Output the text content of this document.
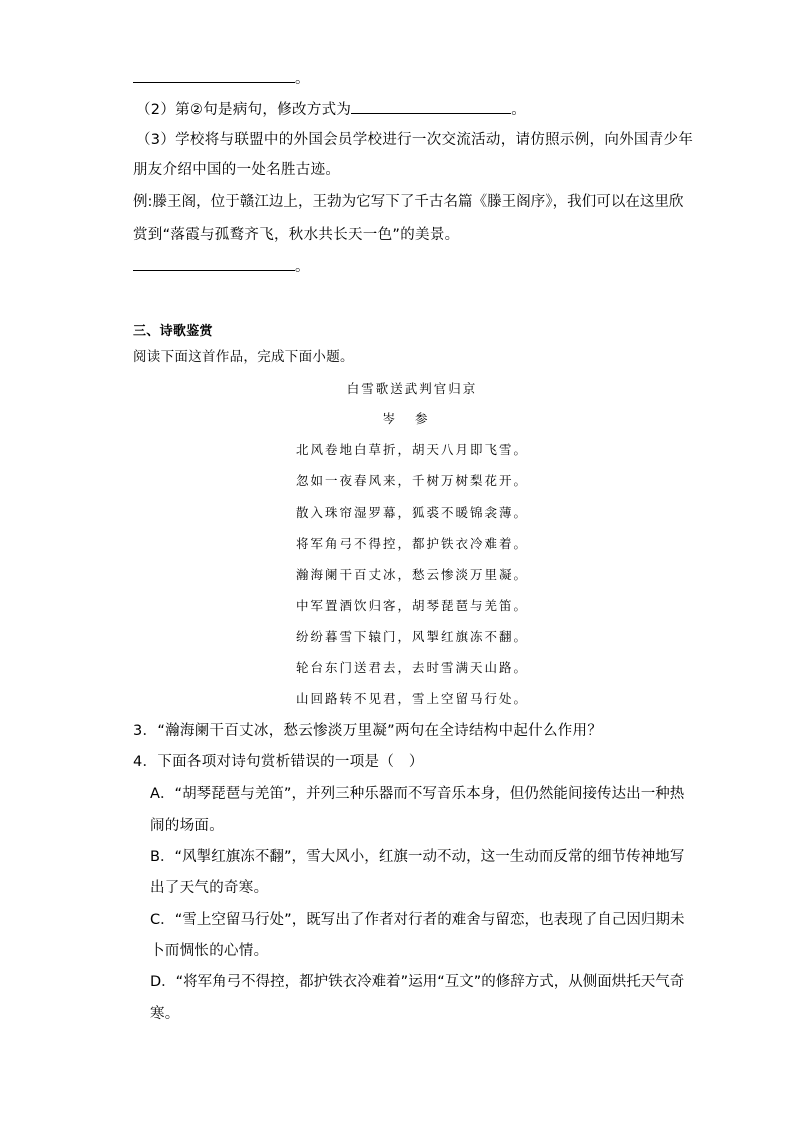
。
（2）第②句是病句，修改方式为	。
（3）学校将与联盟中的外国会员学校进行一次交流活动，请仿照示例，向外国青少年
朋友介绍中国的一处名胜古迹。
例:滕王阁，位于赣江边上，王勃为它写下了千古名篇《滕王阁序》，我们可以在这里欣
赏到“落霞与孤鹜齐飞，秋水共长天一色”的美景。
。
三、诗歌鉴赏
阅读下面这首作品，完成下面小题。
白雪歌送武判官归京
岑 参
北风卷地白草折，胡天八月即飞雪。
忽如一夜春风来，千树万树梨花开。
散入珠帘湿罗幕，狐裘不暖锦衾薄。
将军角弓不得控，都护铁衣冷难着。
瀚海阑干百丈冰，愁云惨淡万里凝。
中军置酒饮归客，胡琴琵琶与羌笛。
纷纷暮雪下辕门，风掣红旗冻不翻。
轮台东门送君去，去时雪满天山路。
山回路转不见君，雪上空留马行处。
3．“瀚海阑干百丈冰，愁云惨淡万里凝”两句在全诗结构中起什么作用？
4．下面各项对诗句赏析错误的一项是（　）
A．“胡琴琵琶与羌笛”，并列三种乐器而不写音乐本身，但仍然能间接传达出一种热
闹的场面。
B．“风掣红旗冻不翻”，雪大风小，红旗一动不动，这一生动而反常的细节传神地写
出了天气的奇寒。
C．“雪上空留马行处”，既写出了作者对行者的难舍与留恋，也表现了自己因归期未
卜而惆怅的心情。
D．“将军角弓不得控，都护铁衣冷难着”运用“互文”的修辞方式，从侧面烘托天气奇
寒。
